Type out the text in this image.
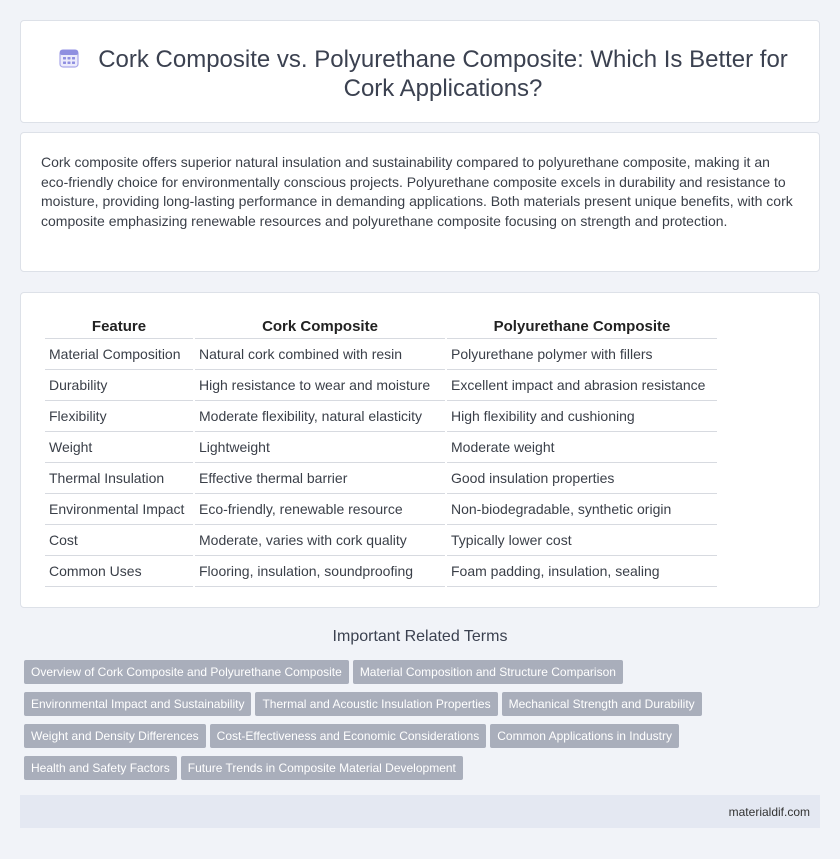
Cork Composite vs. Polyurethane Composite: Which Is Better for Cork Applications?

Cork composite offers superior natural insulation and sustainability compared to polyurethane composite, making it an eco-friendly choice for environmentally conscious projects. Polyurethane composite excels in durability and resistance to moisture, providing long-lasting performance in demanding applications. Both materials present unique benefits, with cork composite emphasizing renewable resources and polyurethane composite focusing on strength and protection.

Feature	Cork Composite	Polyurethane Composite
Material Composition	Natural cork combined with resin	Polyurethane polymer with fillers
Durability	High resistance to wear and moisture	Excellent impact and abrasion resistance
Flexibility	Moderate flexibility, natural elasticity	High flexibility and cushioning
Weight	Lightweight	Moderate weight
Thermal Insulation	Effective thermal barrier	Good insulation properties
Environmental Impact	Eco-friendly, renewable resource	Non-biodegradable, synthetic origin
Cost	Moderate, varies with cork quality	Typically lower cost
Common Uses	Flooring, insulation, soundproofing	Foam padding, insulation, sealing
Important Related Terms
Overview of Cork Composite and Polyurethane Composite Material Composition and Structure Comparison
Environmental Impact and Sustainability Thermal and Acoustic Insulation Properties Mechanical Strength and Durability
Weight and Density Differences Cost-Effectiveness and Economic Considerations Common Applications in Industry
Health and Safety Factors Future Trends in Composite Material Development
materialdif.com
